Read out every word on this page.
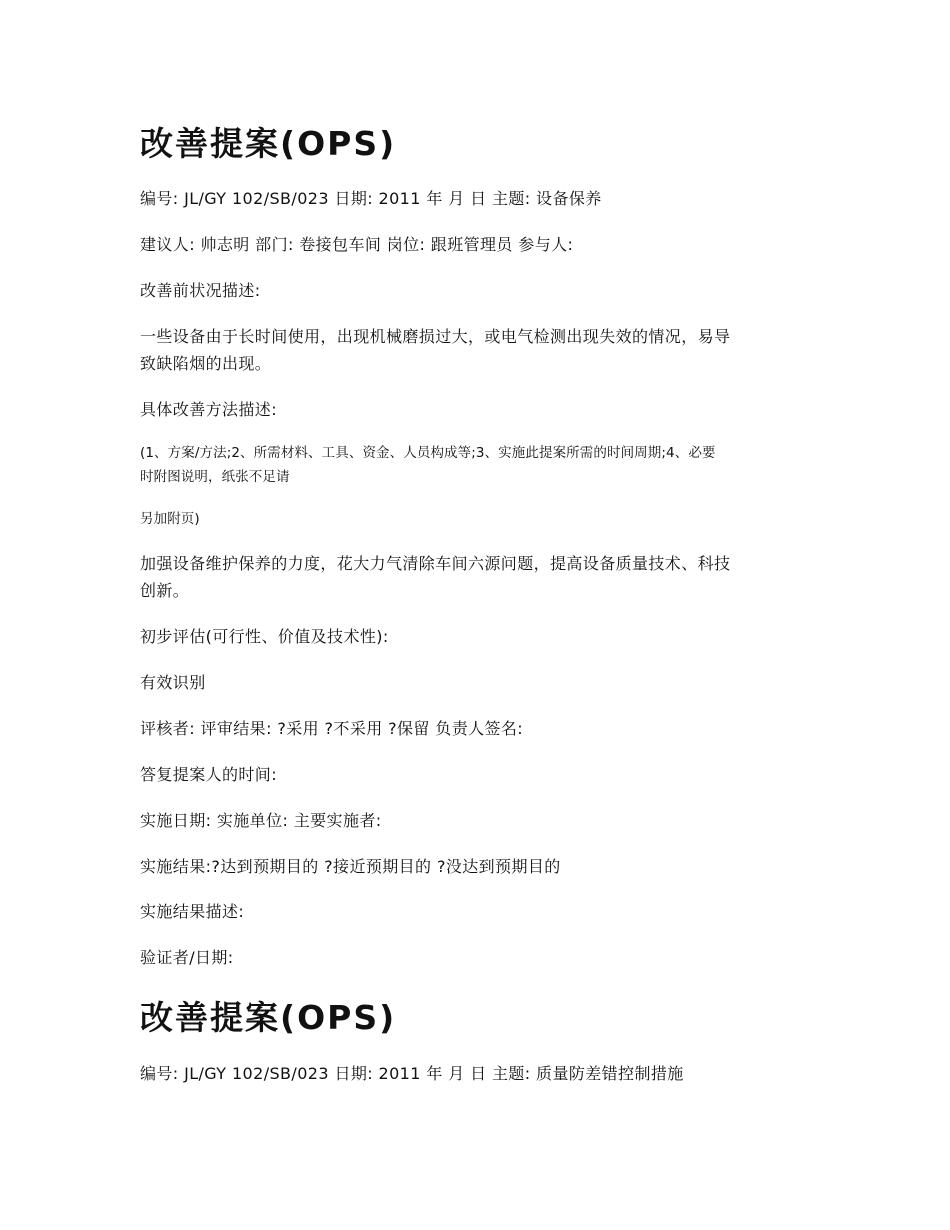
改善提案(OPS)

编号: JL/GY 102/SB/023 日期: 2011 年 月 日 主题: 设备保养

建议人: 帅志明 部门: 卷接包车间 岗位: 跟班管理员 参与人:

改善前状况描述:

一些设备由于长时间使用，出现机械磨损过大，或电气检测出现失效的情况，易导

致缺陷烟的出现。

具体改善方法描述:

(1、方案/方法;2、所需材料、工具、资金、人员构成等;3、实施此提案所需的时间周期;4、必要

时附图说明，纸张不足请

另加附页)

加强设备维护保养的力度，花大力气清除车间六源问题，提高设备质量技术、科技

创新。

初步评估(可行性、价值及技术性):

有效识别

评核者: 评审结果: ?采用 ?不采用 ?保留 负责人签名:

答复提案人的时间:

实施日期: 实施单位: 主要实施者:

实施结果:?达到预期目的 ?接近预期目的 ?没达到预期目的

实施结果描述:

验证者/日期:

改善提案(OPS)

编号: JL/GY 102/SB/023 日期: 2011 年 月 日 主题: 质量防差错控制措施
